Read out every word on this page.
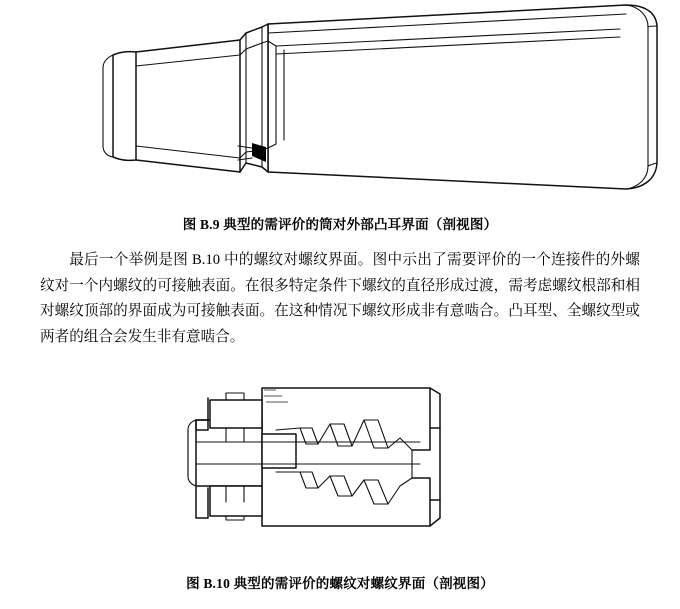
图 B.9 典型的需评价的筒对外部凸耳界面（剖视图）
最后一个举例是图 B.10 中的螺纹对螺纹界面。图中示出了需要评价的一个连接件的外螺纹对一个内螺纹的可接触表面。在很多特定条件下螺纹的直径形成过渡，需考虑螺纹根部和相对螺纹顶部的界面成为可接触表面。在这种情况下螺纹形成非有意啮合。凸耳型、全螺纹型或两者的组合会发生非有意啮合。
图 B.10 典型的需评价的螺纹对螺纹界面（剖视图）
